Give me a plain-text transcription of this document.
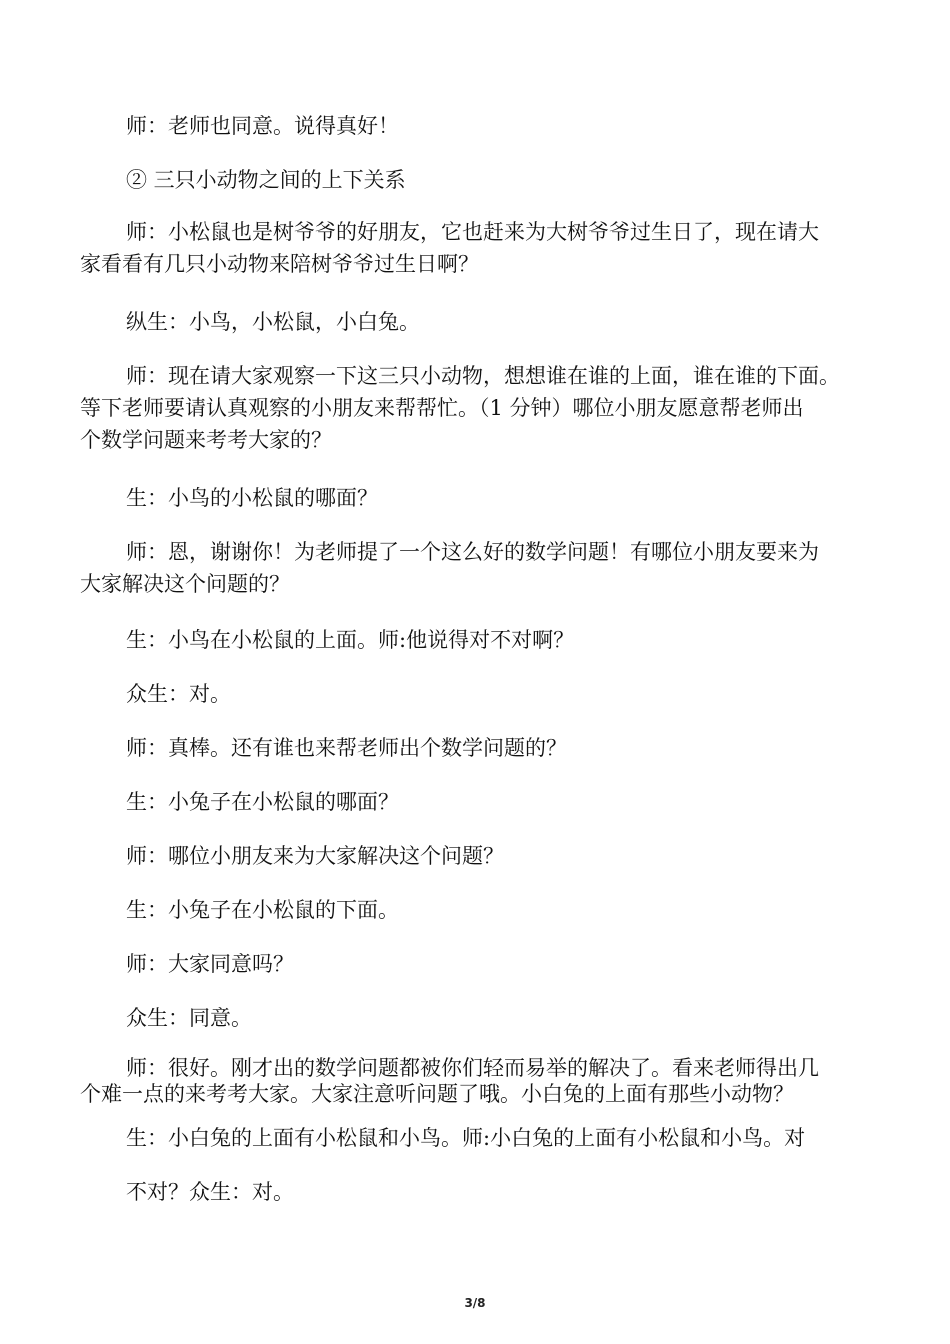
师：老师也同意。说得真好！

② 三只小动物之间的上下关系

师：小松鼠也是树爷爷的好朋友，它也赶来为大树爷爷过生日了，现在请大

家看看有几只小动物来陪树爷爷过生日啊？

纵生：小鸟，小松鼠，小白兔。

师：现在请大家观察一下这三只小动物，想想谁在谁的上面，谁在谁的下面。

等下老师要请认真观察的小朋友来帮帮忙。（1 分钟）哪位小朋友愿意帮老师出

个数学问题来考考大家的？

生：小鸟的小松鼠的哪面？

师：恩，谢谢你！为老师提了一个这么好的数学问题！有哪位小朋友要来为

大家解决这个问题的？

生：小鸟在小松鼠的上面。师:他说得对不对啊？

众生：对。

师：真棒。还有谁也来帮老师出个数学问题的？

生：小兔子在小松鼠的哪面？

师：哪位小朋友来为大家解决这个问题？

生：小兔子在小松鼠的下面。

师：大家同意吗？

众生：同意。

师：很好。刚才出的数学问题都被你们轻而易举的解决了。看来老师得出几

个难一点的来考考大家。大家注意听问题了哦。小白兔的上面有那些小动物？

生：小白兔的上面有小松鼠和小鸟。师:小白兔的上面有小松鼠和小鸟。对

不对？众生：对。

3/8
